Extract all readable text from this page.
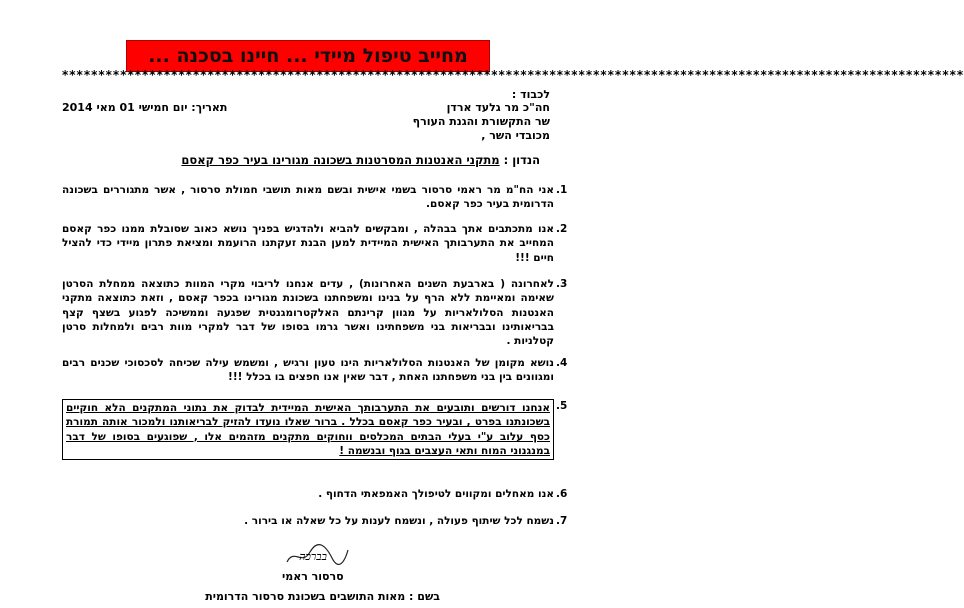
מחייב טיפול מיידי ... חיינו בסכנה ...
****************************************************************************************************************************
לכבוד :
חה"כ מר גלעד ארדן
תאריך: יום חמישי 01 מאי 2014
שר התקשורת והגנת העורף
מכובדי השר ,
הנדון : מתקני האנטנות המסרטנות בשכונה מגורינו בעיר כפר קאסם
.1
אני הח"מ מר ראמי סרסור בשמי אישית ובשם מאות תושבי חמולת סרסור , אשר מתגוררים בשכונה הדרומית בעיר כפר קאסם.
.2
אנו מתכתבים אתך בבהלה , ומבקשים להביא ולהדגיש בפניך נושא כאוב שסובלת ממנו כפר קאסם המחייב את התערבותך האישית המיידית למען הבנת זעקתנו הרועמת ומציאת פתרון מיידי כדי להציל חיים !!!
.3
לאחרונה ( בארבעת השנים האחרונות) , עדים אנחנו לריבוי מקרי המוות כתוצאה ממחלת הסרטן שאימה ומאיימת ללא הרף על בנינו ומשפחתנו בשכונת מגורינו בכפר קאסם , וזאת כתוצאה מתקני האנטנות הסלולאריות על מגוון קרינתם האלקטרומגנטית שפגעה וממשיכה לפגוע בשצף קצף בבריאותינו ובבריאות בני משפחתינו ואשר גרמו בסופו של דבר למקרי מוות רבים ולמחלות סרטן קטלניות .
.4
נושא מקומן של האנטנות הסלולאריות הינו טעון ורגיש , ומשמש עילה שכיחה לסכסוכי שכנים רבים ומגוונים בין בני משפחתנו האחת , דבר שאין אנו חפצים בו בכלל !!!
.5
אנחנו דורשים ותובעים את התערבותך האישית המיידית לבדוק את נתוני המתקנים הלא חוקיים בשכונתנו בפרט , ובעיר כפר קאסם בכלל . ברור שאלו נועדו להזיק לבריאותנו ולמכור אותה תמורת כסף עלוב ע"י בעלי הבתים המכלסים ווחוקים מתקנים מזהמים אלו , שפוגעים בסופו של דבר במנגנוני המוח ותאי העצבים בגוף ובנשמה !
.6
אנו מאחלים ומקווים לטיפולך האמפאתי הדחוף .
.7
נשמח לכל שיתוף פעולה , ונשמח לענות על כל שאלה או בירור .
בברכה
סרסור ראמי
בשם : מאות התושבים בשכונת סרסור הדרומית
